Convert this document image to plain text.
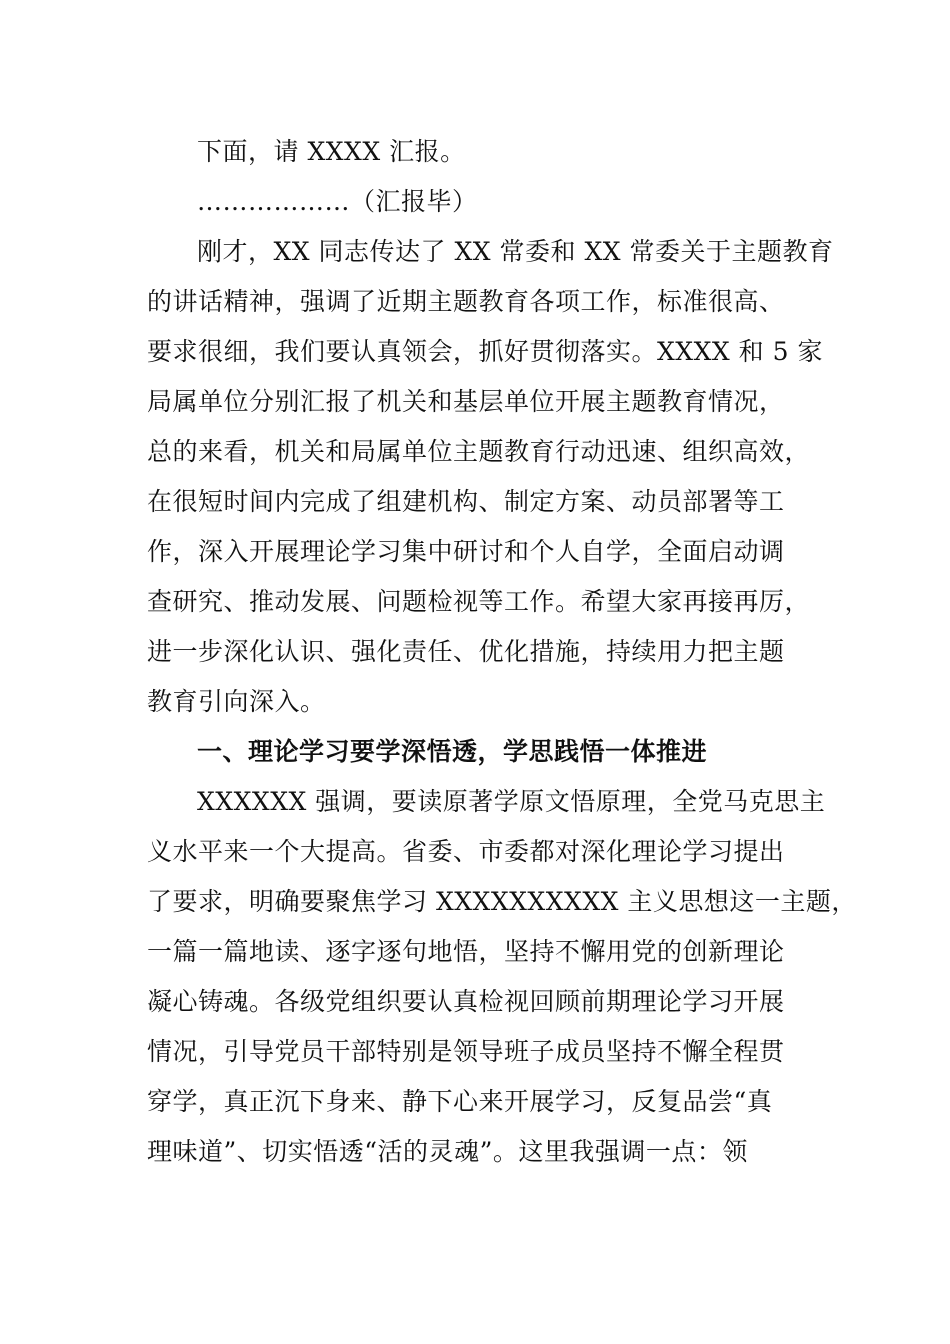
下面，请 XXXX 汇报。
………………（汇报毕）
刚才，XX 同志传达了 XX 常委和 XX 常委关于主题教育
的讲话精神，强调了近期主题教育各项工作，标准很高、
要求很细，我们要认真领会，抓好贯彻落实。XXXX 和 5 家
局属单位分别汇报了机关和基层单位开展主题教育情况，
总的来看，机关和局属单位主题教育行动迅速、组织高效，
在很短时间内完成了组建机构、制定方案、动员部署等工
作，深入开展理论学习集中研讨和个人自学，全面启动调
查研究、推动发展、问题检视等工作。希望大家再接再厉，
进一步深化认识、强化责任、优化措施，持续用力把主题
教育引向深入。
一、理论学习要学深悟透，学思践悟一体推进
XXXXXX 强调，要读原著学原文悟原理，全党马克思主
义水平来一个大提高。省委、市委都对深化理论学习提出
了要求，明确要聚焦学习 XXXXXXXXXX 主义思想这一主题，
一篇一篇地读、逐字逐句地悟，坚持不懈用党的创新理论
凝心铸魂。各级党组织要认真检视回顾前期理论学习开展
情况，引导党员干部特别是领导班子成员坚持不懈全程贯
穿学，真正沉下身来、静下心来开展学习，反复品尝“真
理味道”、切实悟透“活的灵魂”。这里我强调一点：领
